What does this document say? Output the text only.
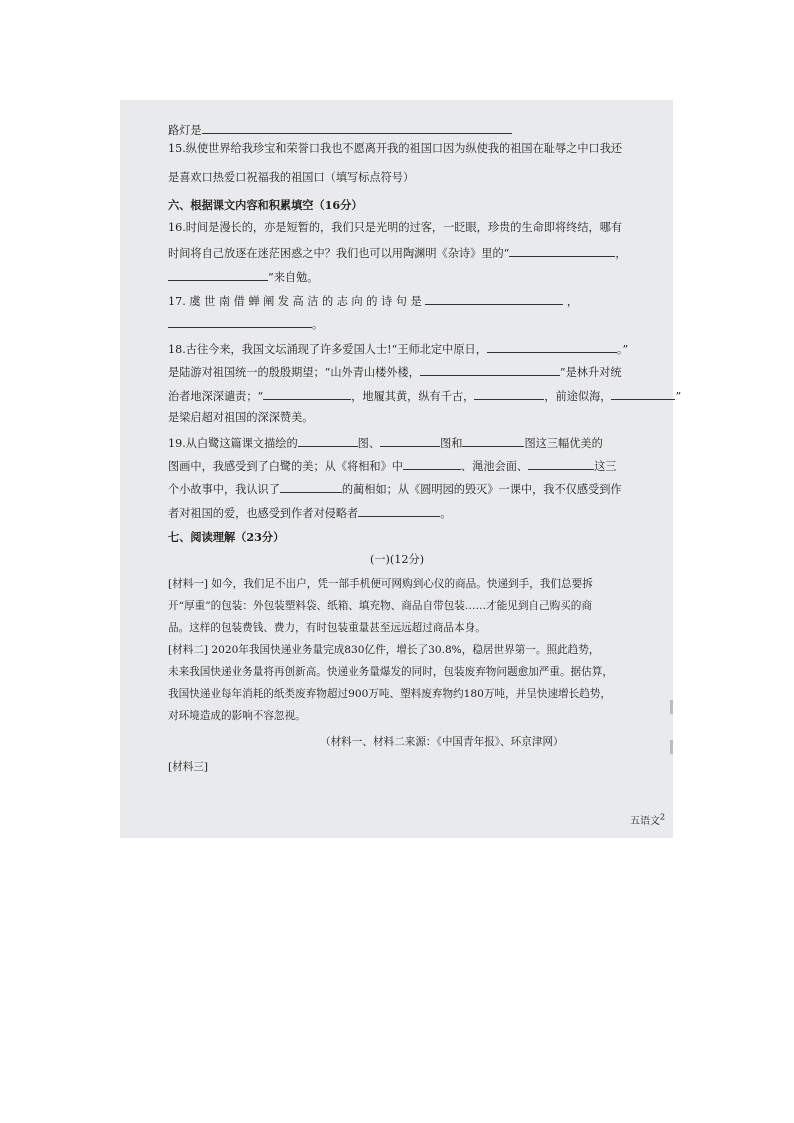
路灯是
15.纵使世界给我珍宝和荣誉口我也不愿离开我的祖国口因为纵使我的祖国在耻辱之中口我还
是喜欢口热爱口祝福我的祖国口（填写标点符号）
六、根据课文内容和积累填空（16分）
16.时间是漫长的，亦是短暂的，我们只是光明的过客，一眨眼，珍贵的生命即将终结，哪有
时间将自己放逐在迷茫困惑之中？我们也可以用陶渊明《杂诗》里的“	，
”来自勉。
17. 虞 世 南 借 蝉 阐 发 高 洁 的 志 向 的 诗 句 是	，
。
18.古往今来，我国文坛涌现了许多爱国人士!“王师北定中原日，	。”
是陆游对祖国统一的殷殷期望；“山外青山楼外楼，	”是林升对统
治者地深深谴责；“	，地履其黄，纵有千古，	，前途似海，	”
是梁启超对祖国的深深赞美。
19.从白鹭这篇课文描绘的	图、	图和	图这三幅优美的
图画中，我感受到了白鹭的美；从《将相和》中	、渑池会面、	这三
个小故事中，我认识了	的蔺相如；从《圆明园的毁灭》一课中，我不仅感受到作
者对祖国的爱，也感受到作者对侵略者	。
七、阅读理解（23分）
(一)(12分)
[材料一] 如今，我们足不出户，凭一部手机便可网购到心仪的商品。快递到手，我们总要拆
开“厚重”的包装：外包装塑料袋、纸箱、填充物、商品自带包装……才能见到自己购买的商
品。这样的包装费钱、费力，有时包装重量甚至远远超过商品本身。
[材料二] 2020年我国快递业务量完成830亿件，增长了30.8%，稳居世界第一。照此趋势，
未来我国快递业务量将再创新高。快递业务量爆发的同时，包装废弃物问题愈加严重。据估算，
我国快递业每年消耗的纸类废弃物超过900万吨、塑料废弃物约180万吨，并呈快速增长趋势，
对环境造成的影响不容忽视。
（材料一、材料二来源：《中国青年报》、环京津网）
[材料三]
五语文$^2$
